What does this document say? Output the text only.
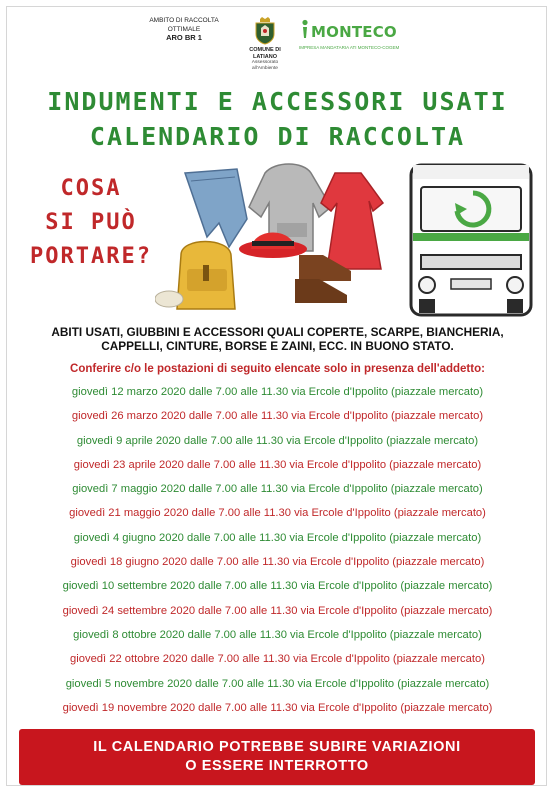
AMBITO DI RACCOLTA
OTTIMALE
ARO BR 1
COMUNE DI LATIANO
Assessorato all'Ambiente
MONTECO
IMPRESA MANDATARIA ATI MONTECO-COGEM
INDUMENTI E ACCESSORI USATI
CALENDARIO DI RACCOLTA
COSA
SI PUÒ
PORTARE?
ABITI USATI, GIUBBINI E ACCESSORI QUALI COPERTE, SCARPE, BIANCHERIA,
CAPPELLI, CINTURE, BORSE E ZAINI, ECC. IN BUONO STATO.
Conferire c/o le postazioni di seguito elencate solo in presenza dell'addetto:
giovedì 12 marzo 2020 dalle 7.00 alle 11.30 via Ercole d'Ippolito (piazzale mercato)
giovedì 26 marzo 2020 dalle 7.00 alle 11.30 via Ercole d'Ippolito (piazzale mercato)
giovedì 9 aprile 2020 dalle 7.00 alle 11.30 via Ercole d'Ippolito (piazzale mercato)
giovedì 23 aprile 2020 dalle 7.00 alle 11.30 via Ercole d'Ippolito (piazzale mercato)
giovedì 7 maggio 2020 dalle 7.00 alle 11.30 via Ercole d'Ippolito (piazzale mercato)
giovedì 21 maggio 2020 dalle 7.00 alle 11.30 via Ercole d'Ippolito (piazzale mercato)
giovedì 4 giugno 2020 dalle 7.00 alle 11.30 via Ercole d'Ippolito (piazzale mercato)
giovedì 18 giugno 2020 dalle 7.00 alle 11.30 via Ercole d'Ippolito (piazzale mercato)
giovedì 10 settembre 2020 dalle 7.00 alle 11.30 via Ercole d'Ippolito (piazzale mercato)
giovedì 24 settembre 2020 dalle 7.00 alle 11.30 via Ercole d'Ippolito (piazzale mercato)
giovedì 8 ottobre 2020 dalle 7.00 alle 11.30 via Ercole d'Ippolito (piazzale mercato)
giovedì 22 ottobre 2020 dalle 7.00 alle 11.30 via Ercole d'Ippolito (piazzale mercato)
giovedì 5 novembre 2020 dalle 7.00 alle 11.30 via Ercole d'Ippolito (piazzale mercato)
giovedì 19 novembre 2020 dalle 7.00 alle 11.30 via Ercole d'Ippolito (piazzale mercato)
IL CALENDARIO POTREBBE SUBIRE VARIAZIONI
O ESSERE INTERROTTO
